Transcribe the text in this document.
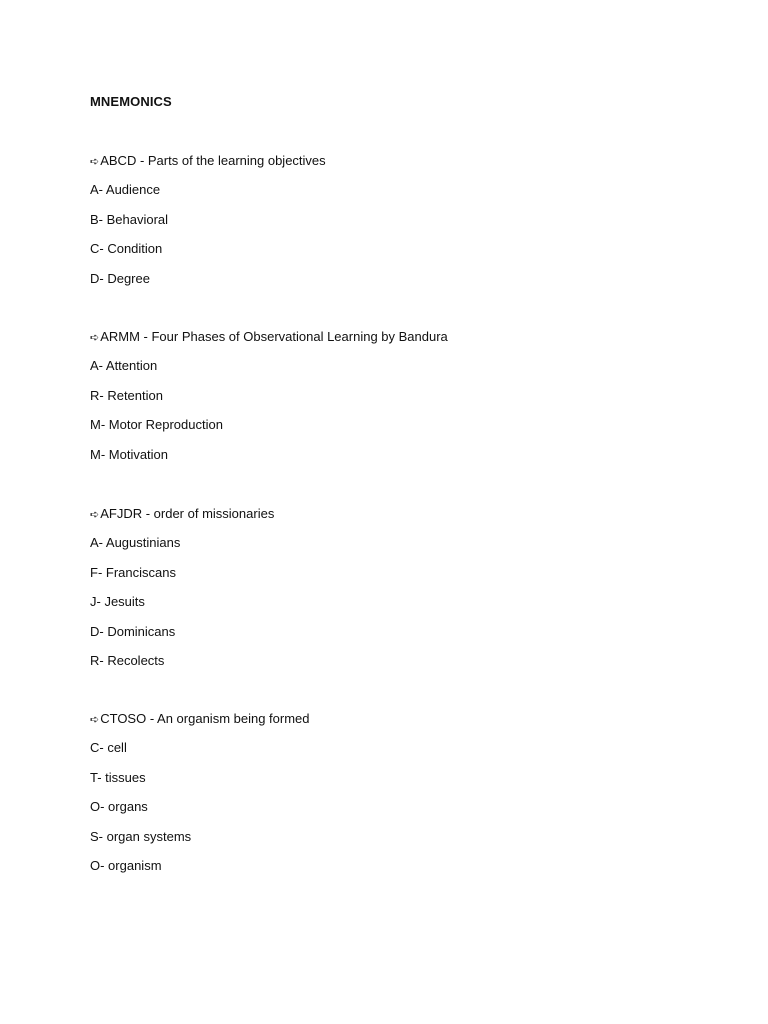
MNEMONICS

➪ABCD - Parts of the learning objectives

A- Audience

B- Behavioral

C- Condition

D- Degree

➪ARMM - Four Phases of Observational Learning by Bandura

A- Attention

R- Retention

M- Motor Reproduction

M- Motivation

➪AFJDR - order of missionaries

A- Augustinians

F- Franciscans

J- Jesuits

D- Dominicans

R- Recolects

➪CTOSO - An organism being formed

C- cell

T- tissues

O- organs

S- organ systems

O- organism
